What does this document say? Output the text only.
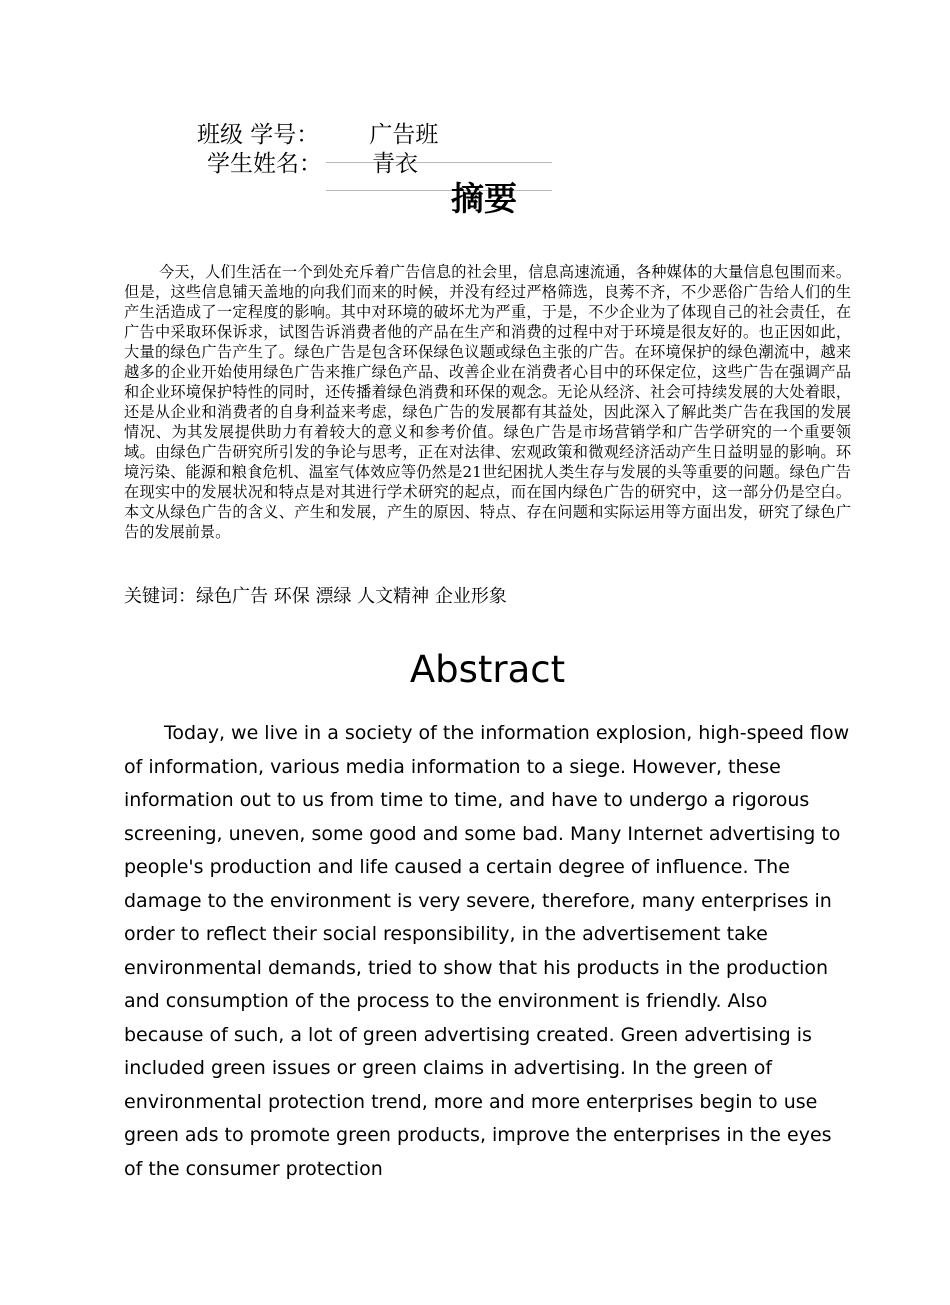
班级 学号： 广告班
学生姓名： 青衣
摘要

今天，人们生活在一个到处充斥着广告信息的社会里，信息高速流通，各种媒体的大量信息包围而来。但是，这些信息铺天盖地的向我们而来的时候，并没有经过严格筛选，良莠不齐，不少恶俗广告给人们的生产生活造成了一定程度的影响。其中对环境的破坏尤为严重，于是，不少企业为了体现自己的社会责任，在广告中采取环保诉求，试图告诉消费者他的产品在生产和消费的过程中对于环境是很友好的。也正因如此，大量的绿色广告产生了。绿色广告是包含环保绿色议题或绿色主张的广告。在环境保护的绿色潮流中，越来越多的企业开始使用绿色广告来推广绿色产品、改善企业在消费者心目中的环保定位，这些广告在强调产品和企业环境保护特性的同时，还传播着绿色消费和环保的观念。无论从经济、社会可持续发展的大处着眼，还是从企业和消费者的自身利益来考虑，绿色广告的发展都有其益处，因此深入了解此类广告在我国的发展情况、为其发展提供助力有着较大的意义和参考价值。绿色广告是市场营销学和广告学研究的一个重要领域。由绿色广告研究所引发的争论与思考，正在对法律、宏观政策和微观经济活动产生日益明显的影响。环境污染、能源和粮食危机、温室气体效应等仍然是21世纪困扰人类生存与发展的头等重要的问题。绿色广告在现实中的发展状况和特点是对其进行学术研究的起点，而在国内绿色广告的研究中，这一部分仍是空白。本文从绿色广告的含义、产生和发展，产生的原因、特点、存在问题和实际运用等方面出发，研究了绿色广告的发展前景。

关键词：绿色广告 环保 漂绿 人文精神 企业形象
Abstract

Today, we live in a society of the information explosion, high-speed flow of information, various media information to a siege. However, these information out to us from time to time, and have to undergo a rigorous screening, uneven, some good and some bad. Many Internet advertising to people's production and life caused a certain degree of influence. The damage to the environment is very severe, therefore, many enterprises in order to reflect their social responsibility, in the advertisement take environmental demands, tried to show that his products in the production and consumption of the process to the environment is friendly. Also because of such, a lot of green advertising created. Green advertising is included green issues or green claims in advertising. In the green of environmental protection trend, more and more enterprises begin to use green ads to promote green products, improve the enterprises in the eyes of the consumer protection
